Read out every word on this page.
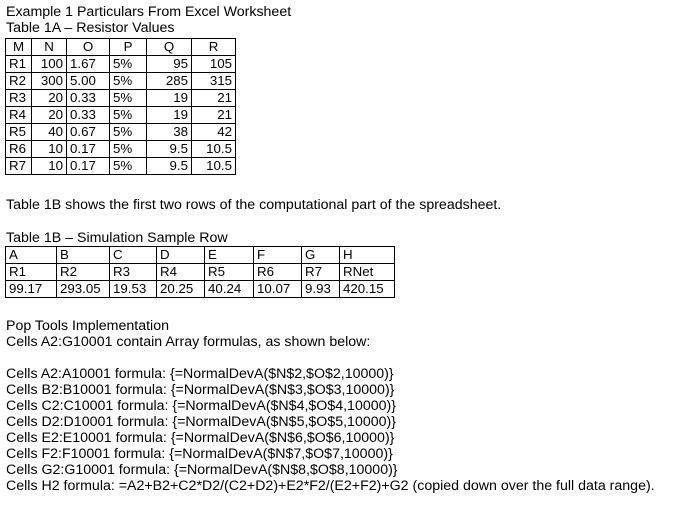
Example 1 Particulars From Excel Worksheet
Table 1A – Resistor Values
M	N	O	P	Q	R
R1	100	1.67	5%	95	105
R2	300	5.00	5%	285	315
R3	20	0.33	5%	19	21
R4	20	0.33	5%	19	21
R5	40	0.67	5%	38	42
R6	10	0.17	5%	9.5	10.5
R7	10	0.17	5%	9.5	10.5
Table 1B shows the first two rows of the computational part of the spreadsheet.
Table 1B – Simulation Sample Row
A	B	C	D	E	F	G	H
R1	R2	R3	R4	R5	R6	R7	RNet
99.17	293.05	19.53	20.25	40.24	10.07	9.93	420.15
Pop Tools Implementation
Cells A2:G10001 contain Array formulas, as shown below:
Cells A2:A10001 formula: {=NormalDevA($N$2,$O$2,10000)}
Cells B2:B10001 formula: {=NormalDevA($N$3,$O$3,10000)}
Cells C2:C10001 formula: {=NormalDevA($N$4,$O$4,10000)}
Cells D2:D10001 formula: {=NormalDevA($N$5,$O$5,10000)}
Cells E2:E10001 formula: {=NormalDevA($N$6,$O$6,10000)}
Cells F2:F10001 formula: {=NormalDevA($N$7,$O$7,10000)}
Cells G2:G10001 formula: {=NormalDevA($N$8,$O$8,10000)}
Cells H2 formula: =A2+B2+C2*D2/(C2+D2)+E2*F2/(E2+F2)+G2 (copied down over the full data range).
